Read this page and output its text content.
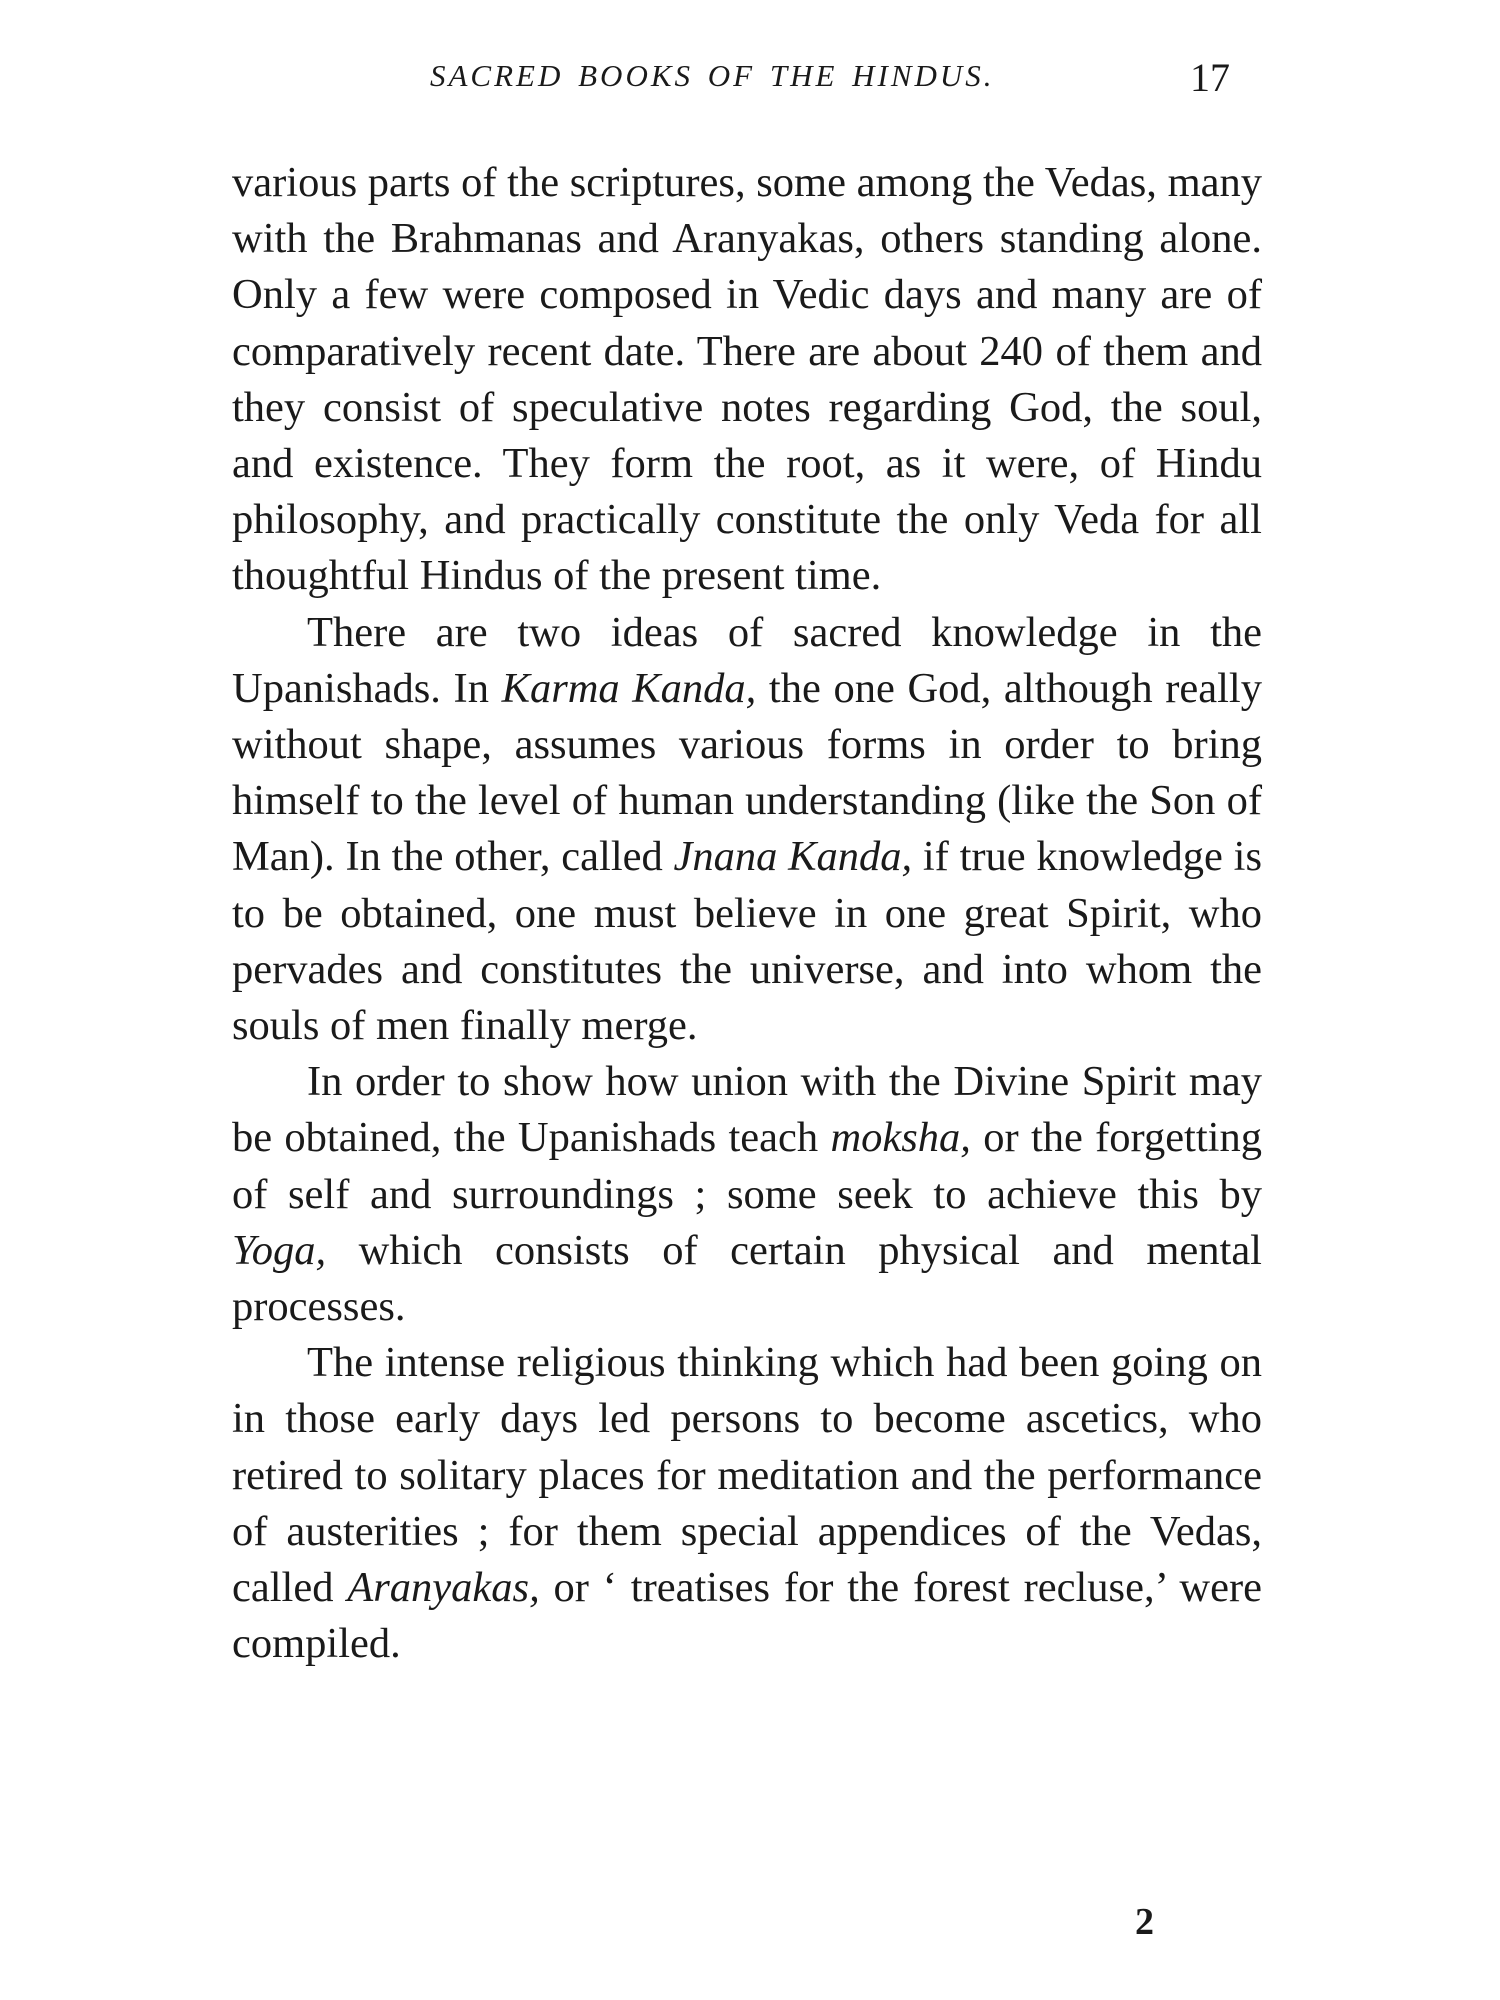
SACRED BOOKS OF THE HINDUS.	17

various parts of the scriptures, some among the Vedas, many with the Brahmanas and Aranyakas, others standing alone. Only a few were composed in Vedic days and many are of comparatively recent date. There are about 240 of them and they consist of speculative notes regarding God, the soul, and existence. They form the root, as it were, of Hindu philosophy, and practically constitute the only Veda for all thoughtful Hindus of the present time.

There are two ideas of sacred knowledge in the Upanishads. In Karma Kanda, the one God, although really without shape, assumes various forms in order to bring himself to the level of human understanding (like the Son of Man). In the other, called Jnana Kanda, if true knowledge is to be obtained, one must believe in one great Spirit, who pervades and constitutes the universe, and into whom the souls of men finally merge.

In order to show how union with the Divine Spirit may be obtained, the Upanishads teach moksha, or the forgetting of self and surroundings ; some seek to achieve this by Yoga, which consists of certain physical and mental processes.

The intense religious thinking which had been going on in those early days led persons to become ascetics, who retired to solitary places for meditation and the performance of austerities ; for them special appendices of the Vedas, called Aranyakas, or ‘ treatises for the forest recluse,’ were compiled.

2
